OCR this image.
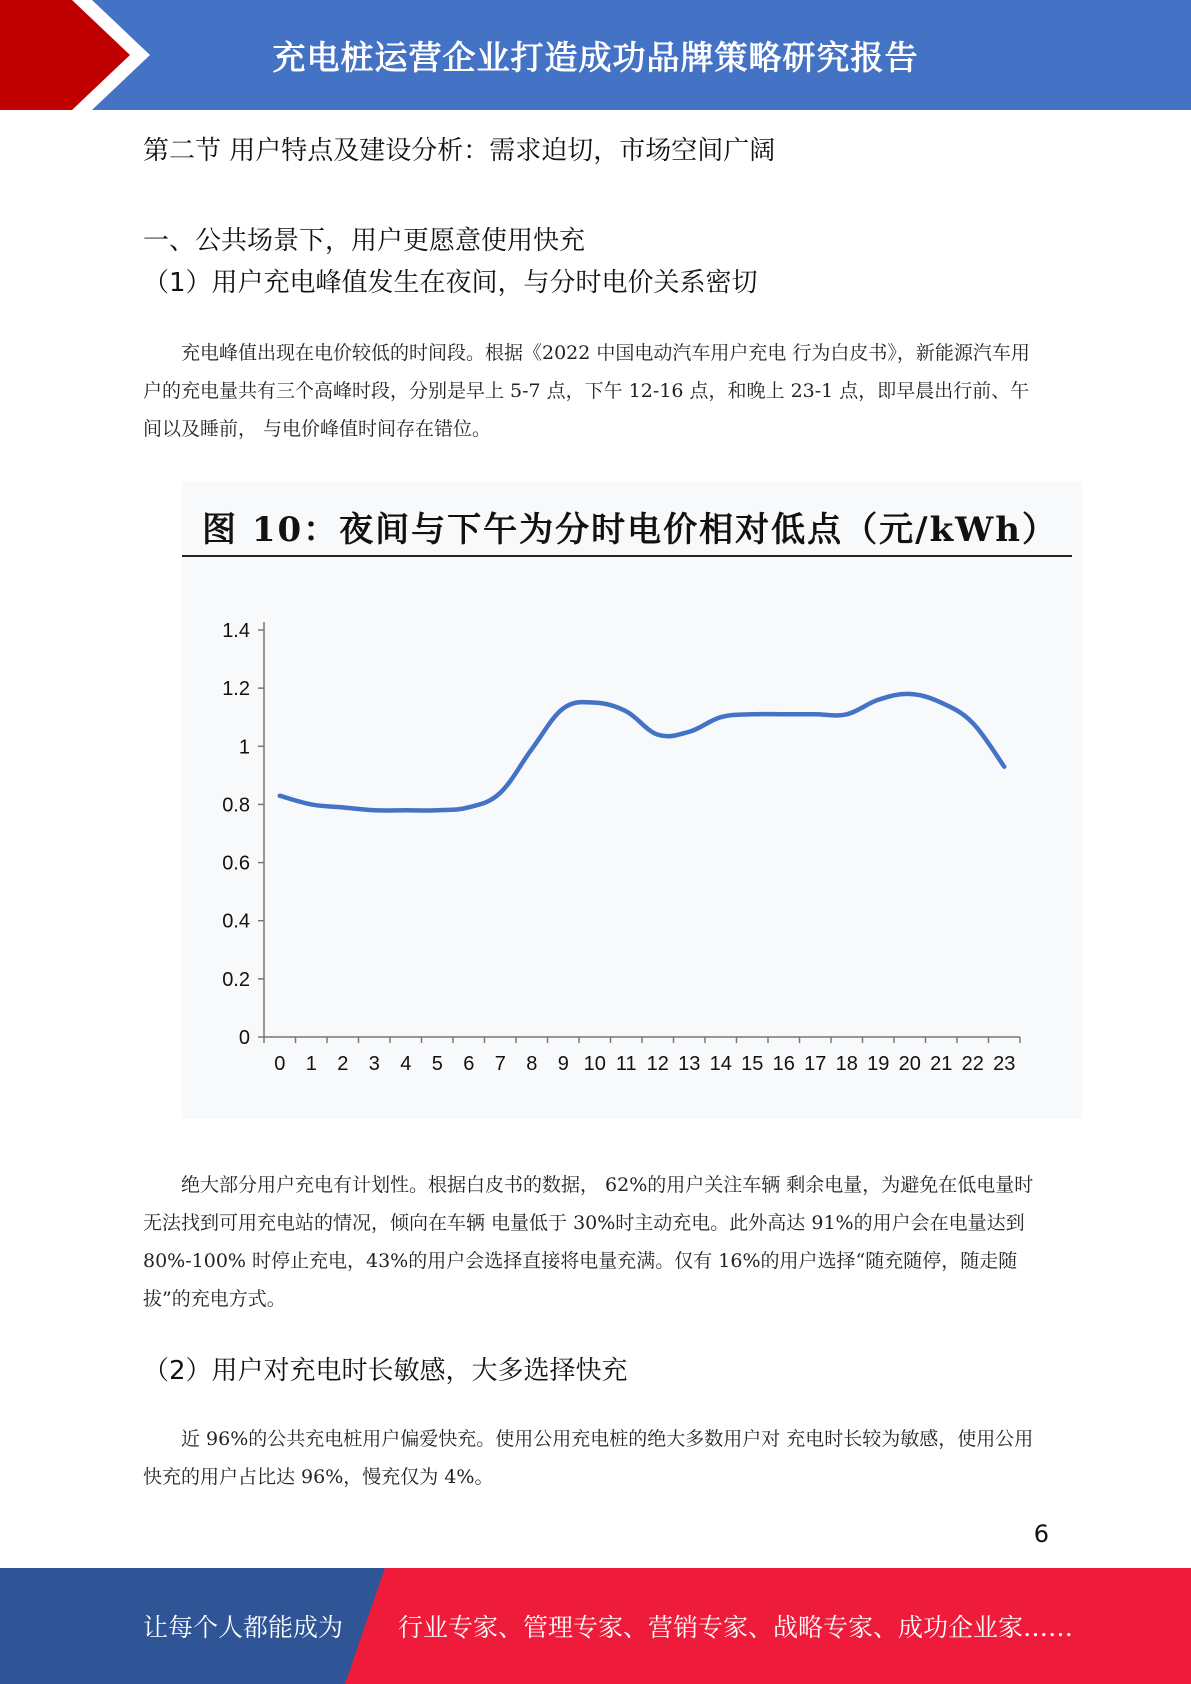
充电桩运营企业打造成功品牌策略研究报告
第二节 用户特点及建设分析：需求迫切，市场空间广阔
一、公共场景下，用户更愿意使用快充
（1）用户充电峰值发生在夜间，与分时电价关系密切
充电峰值出现在电价较低的时间段。根据《2022 中国电动汽车用户充电 行为白皮书》，新能源汽车用户的充电量共有三个高峰时段，分别是早上 5-7 点，下午 12-16 点，和晚上 23-1 点，即早晨出行前、午间以及睡前， 与电价峰值时间存在错位。
图 10：夜间与下午为分时电价相对低点（元/kWh）
0
0.2
0.4
0.6
0.8
1
1.2
1.4
0 1 2 3 4 5 6 7 8 9 10 11 12 13 14 15 16 17 18 19 20 21 22 23
绝大部分用户充电有计划性。根据白皮书的数据， 62%的用户关注车辆 剩余电量，为避免在低电量时无法找到可用充电站的情况，倾向在车辆 电量低于 30%时主动充电。此外高达 91%的用户会在电量达到 80%-100% 时停止充电，43%的用户会选择直接将电量充满。仅有 16%的用户选择“随充随停，随走随拔”的充电方式。
（2）用户对充电时长敏感，大多选择快充
近 96%的公共充电桩用户偏爱快充。使用公用充电桩的绝大多数用户对 充电时长较为敏感，使用公用快充的用户占比达 96%，慢充仅为 4%。
6
让每个人都能成为 行业专家、管理专家、营销专家、战略专家、成功企业家……
